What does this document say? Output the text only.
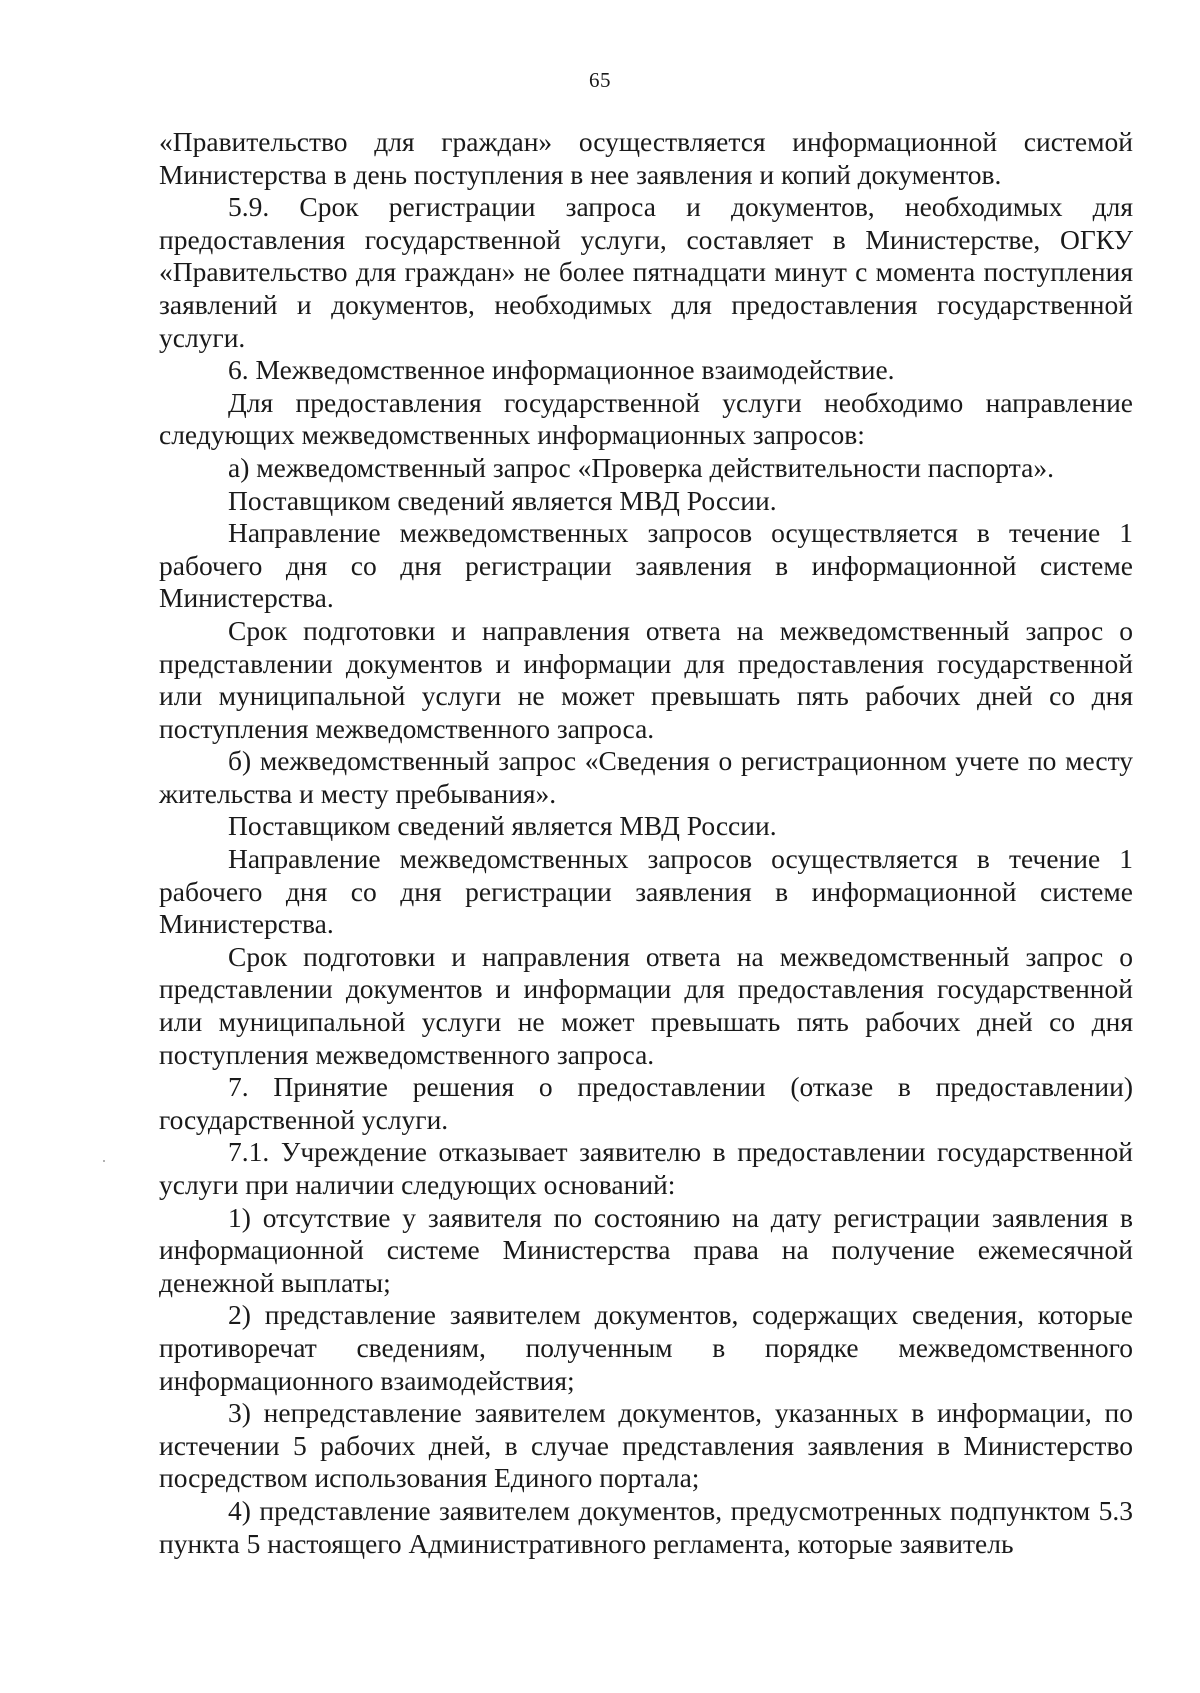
65

«Правительство для граждан» осуществляется информационной системой Министерства в день поступления в нее заявления и копий документов.

5.9. Срок регистрации запроса и документов, необходимых для предоставления государственной услуги, составляет в Министерстве, ОГКУ «Правительство для граждан» не более пятнадцати минут с момента поступления заявлений и документов, необходимых для предоставления государственной услуги.

6. Межведомственное информационное взаимодействие.

Для предоставления государственной услуги необходимо направление следующих межведомственных информационных запросов:

а) межведомственный запрос «Проверка действительности паспорта».

Поставщиком сведений является МВД России.

Направление межведомственных запросов осуществляется в течение 1 рабочего дня со дня регистрации заявления в информационной системе Министерства.

Срок подготовки и направления ответа на межведомственный запрос о представлении документов и информации для предоставления государственной или муниципальной услуги не может превышать пять рабочих дней со дня поступления межведомственного запроса.

б) межведомственный запрос «Сведения о регистрационном учете по месту жительства и месту пребывания».

Поставщиком сведений является МВД России.

Направление межведомственных запросов осуществляется в течение 1 рабочего дня со дня регистрации заявления в информационной системе Министерства.

Срок подготовки и направления ответа на межведомственный запрос о представлении документов и информации для предоставления государственной или муниципальной услуги не может превышать пять рабочих дней со дня поступления межведомственного запроса.

7. Принятие решения о предоставлении (отказе в предоставлении) государственной услуги.

7.1. Учреждение отказывает заявителю в предоставлении государственной услуги при наличии следующих оснований:

1) отсутствие у заявителя по состоянию на дату регистрации заявления в информационной системе Министерства права на получение ежемесячной денежной выплаты;

2) представление заявителем документов, содержащих сведения, которые противоречат сведениям, полученным в порядке межведомственного информационного взаимодействия;

3) непредставление заявителем документов, указанных в информации, по истечении 5 рабочих дней, в случае представления заявления в Министерство посредством использования Единого портала;

4) представление заявителем документов, предусмотренных подпунктом 5.3 пункта 5 настоящего Административного регламента, которые заявитель
